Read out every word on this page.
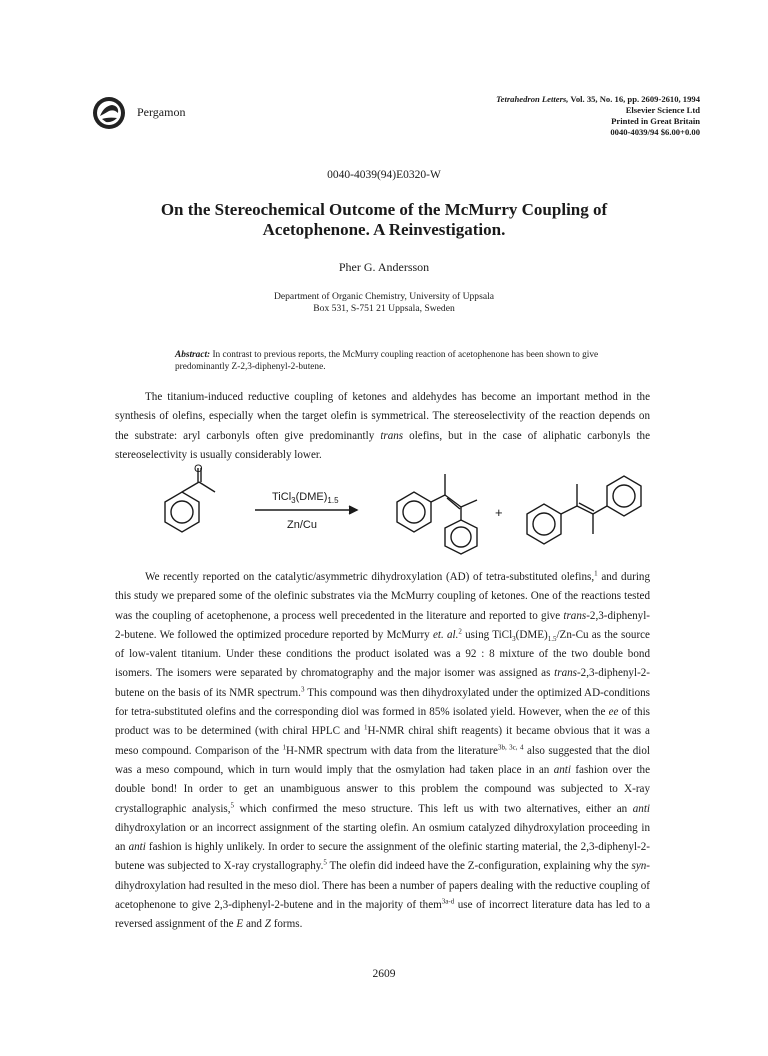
Pergamon
Tetrahedron Letters, Vol. 35, No. 16, pp. 2609-2610, 1994
Elsevier Science Ltd
Printed in Great Britain
0040-4039/94 $6.00+0.00
0040-4039(94)E0320-W
On the Stereochemical Outcome of the McMurry Coupling of
Acetophenone. A Reinvestigation.
Pher G. Andersson
Department of Organic Chemistry, University of Uppsala
Box 531, S-751 21 Uppsala, Sweden
Abstract: In contrast to previous reports, the McMurry coupling reaction of acetophenone has been shown to give predominantly Z-2,3-diphenyl-2-butene.

The titanium-induced reductive coupling of ketones and aldehydes has become an important method in the synthesis of olefins, especially when the target olefin is symmetrical. The stereoselectivity of the reaction depends on the substrate: aryl carbonyls often give predominantly trans olefins, but in the case of aliphatic carbonyls the stereoselectivity is usually considerably lower.

O
$TiCl_3(DME)_{1.5}$
Zn/Cu
+

We recently reported on the catalytic/asymmetric dihydroxylation (AD) of tetra-substituted olefins,$^1$ and during this study we prepared some of the olefinic substrates via the McMurry coupling of ketones. One of the reactions tested was the coupling of acetophenone, a process well precedented in the literature and reported to give trans-2,3-diphenyl-2-butene. We followed the optimized procedure reported by McMurry et. al.$^2$ using $TiCl_3(DME)_{1.5}/Zn-Cu$ as the source of low-valent titanium. Under these conditions the product isolated was a 92 : 8 mixture of the two double bond isomers. The isomers were separated by chromatography and the major isomer was assigned as trans-2,3-diphenyl-2-butene on the basis of its NMR spectrum.$^3$ This compound was then dihydroxylated under the optimized AD-conditions for tetra-substituted olefins and the corresponding diol was formed in 85% isolated yield. However, when the ee of this product was to be determined (with chiral HPLC and $^1$H-NMR chiral shift reagents) it became obvious that it was a meso compound. Comparison of the $^1$H-NMR spectrum with data from the literature$^{3b, 3c, 4}$ also suggested that the diol was a meso compound, which in turn would imply that the osmylation had taken place in an anti fashion over the double bond! In order to get an unambiguous answer to this problem the compound was subjected to X-ray crystallographic analysis,$^5$ which confirmed the meso structure. This left us with two alternatives, either an anti dihydroxylation or an incorrect assignment of the starting olefin. An osmium catalyzed dihydroxylation proceeding in an anti fashion is highly unlikely. In order to secure the assignment of the olefinic starting material, the 2,3-diphenyl-2-butene was subjected to X-ray crystallography.$^5$ The olefin did indeed have the Z-configuration, explaining why the syn-dihydroxylation had resulted in the meso diol. There has been a number of papers dealing with the reductive coupling of acetophenone to give 2,3-diphenyl-2-butene and in the majority of them$^{3a-d}$ use of incorrect literature data has led to a reversed assignment of the E and Z forms.

2609
